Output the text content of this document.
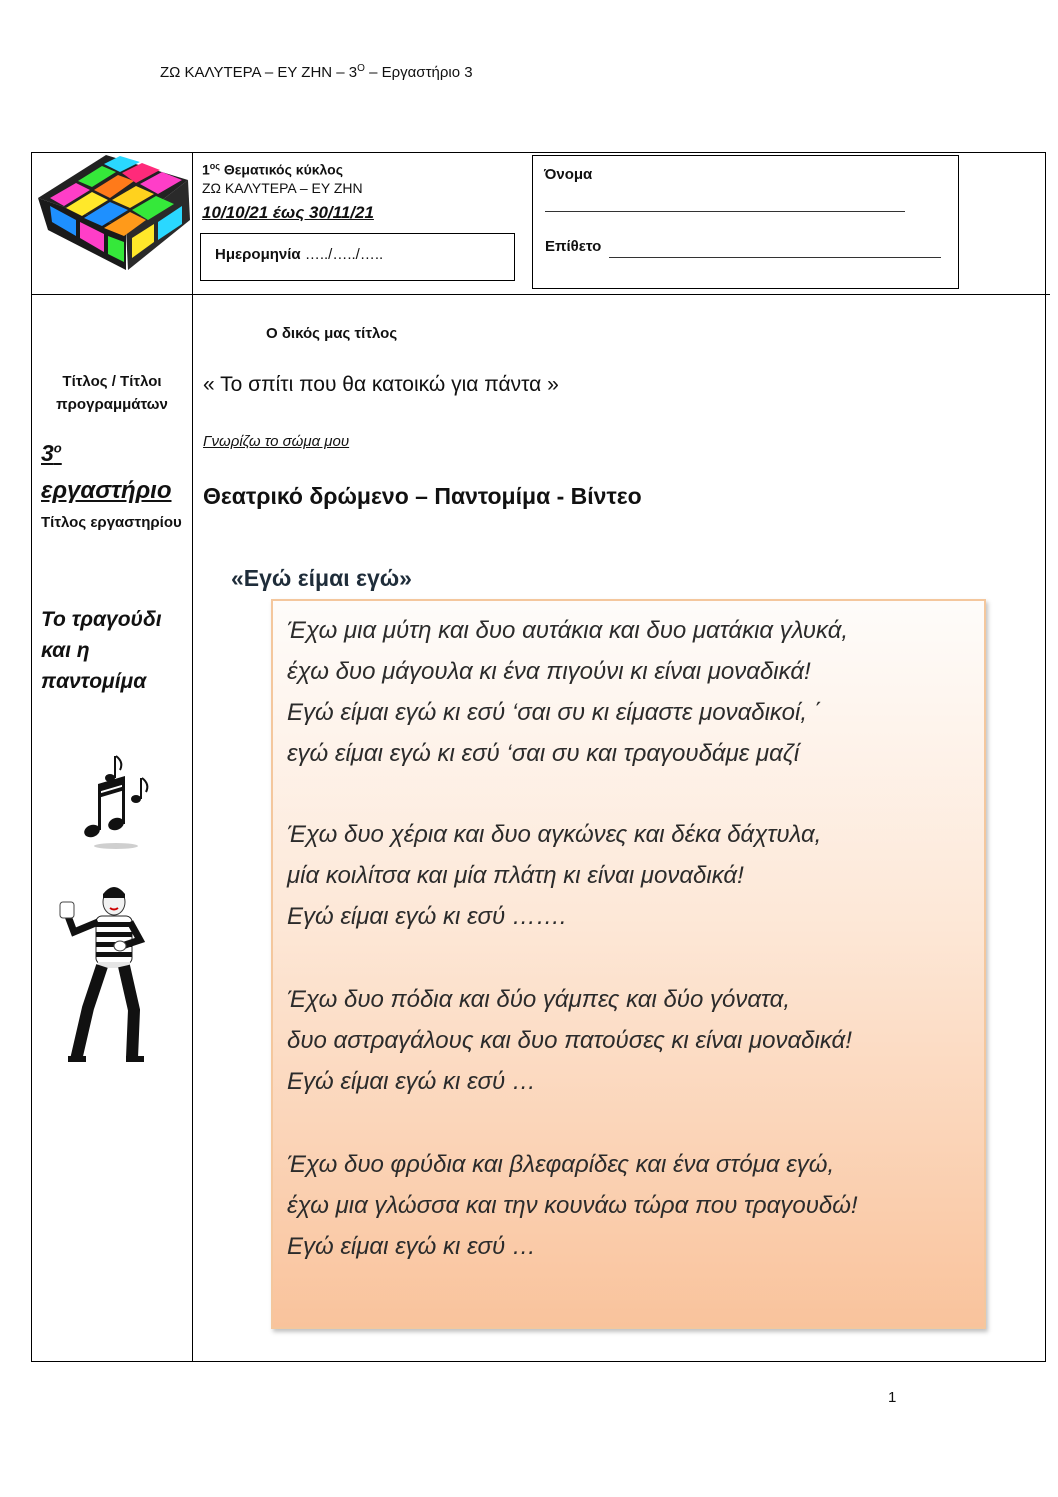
ΖΩ ΚΑΛΥΤΕΡΑ – ΕΥ ΖΗΝ – $3^O$ – Εργαστήριο 3
$1^{o\varsigma}$ Θεματικός κύκλος
ΖΩ ΚΑΛΥΤΕΡΑ – ΕΥ ΖΗΝ
10/10/21 έως 30/11/21
Ημερομηνία …../…../…..
Όνομα
Επίθετο
Τίτλος / Τίτλοι προγραμμάτων
$3^o$
εργαστήριο
Τίτλος εργαστηρίου
Το τραγούδι και η παντομίμα
Ο δικός μας τίτλος
« Το σπίτι που θα κατοικώ για πάντα »
Γνωρίζω το σώμα μου
Θεατρικό δρώμενο – Παντομίμα - Βίντεο
«Εγώ είμαι εγώ»
Έχω μια μύτη και δυο αυτάκια και δυο ματάκια γλυκά,
έχω δυο μάγουλα κι ένα πιγούνι κι είναι μοναδικά!
Εγώ είμαι εγώ κι εσύ ‘σαι συ κι είμαστε μοναδικοί, ΄
εγώ είμαι εγώ κι εσύ ‘σαι συ και τραγουδάμε μαζί
Έχω δυο χέρια και δυο αγκώνες και δέκα δάχτυλα,
μία κοιλίτσα και μία πλάτη κι είναι μοναδικά!
Εγώ είμαι εγώ κι εσύ …….
Έχω δυο πόδια και δύο γάμπες και δύο γόνατα,
δυο αστραγάλους και δυο πατούσες κι είναι μοναδικά!
Εγώ είμαι εγώ κι εσύ …
Έχω δυο φρύδια και βλεφαρίδες και ένα στόμα εγώ,
έχω μια γλώσσα και την κουνάω τώρα που τραγουδώ!
Εγώ είμαι εγώ κι εσύ …
1
